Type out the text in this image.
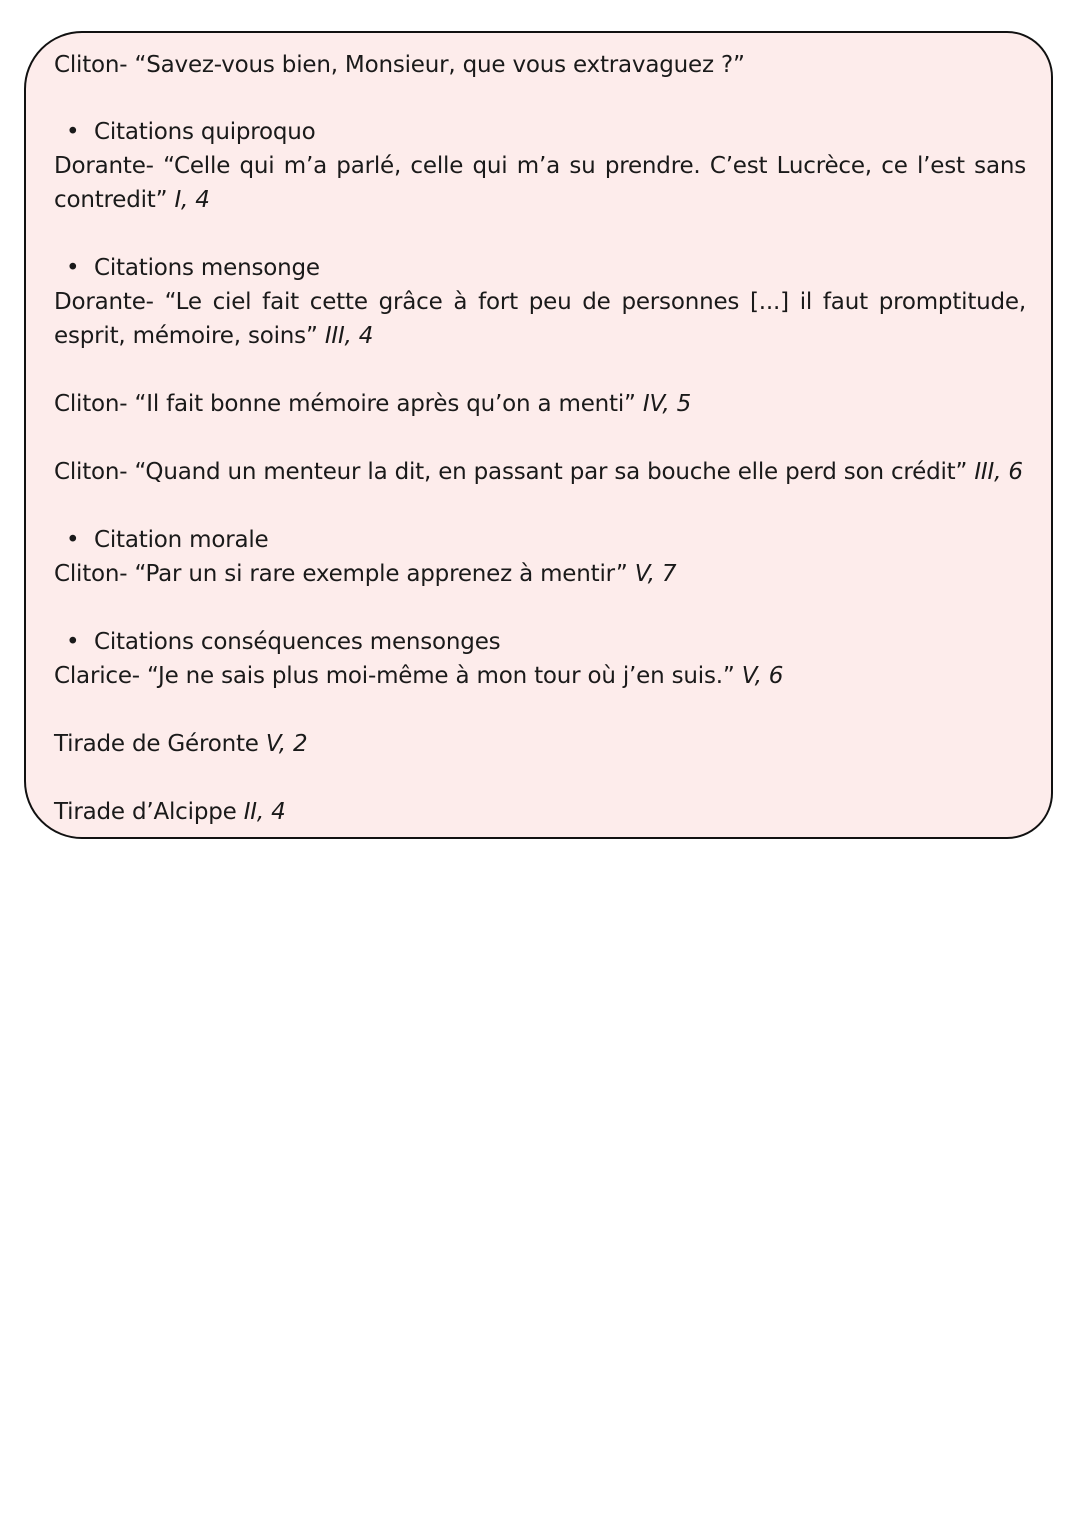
Cliton- “Savez-vous bien, Monsieur, que vous extravaguez ?”
• Citations quiproquo
Dorante- “Celle qui m’a parlé, celle qui m’a su prendre. C’est Lucrèce, ce l’est sans
contredit” I, 4
• Citations mensonge
Dorante- “Le ciel fait cette grâce à fort peu de personnes [...] il faut promptitude,
esprit, mémoire, soins” III, 4
Cliton- “Il fait bonne mémoire après qu’on a menti” IV, 5
Cliton- “Quand un menteur la dit, en passant par sa bouche elle perd son crédit” III, 6
• Citation morale
Cliton- “Par un si rare exemple apprenez à mentir” V, 7
• Citations conséquences mensonges
Clarice- “Je ne sais plus moi-même à mon tour où j’en suis.” V, 6
Tirade de Géronte V, 2
Tirade d’Alcippe II, 4
